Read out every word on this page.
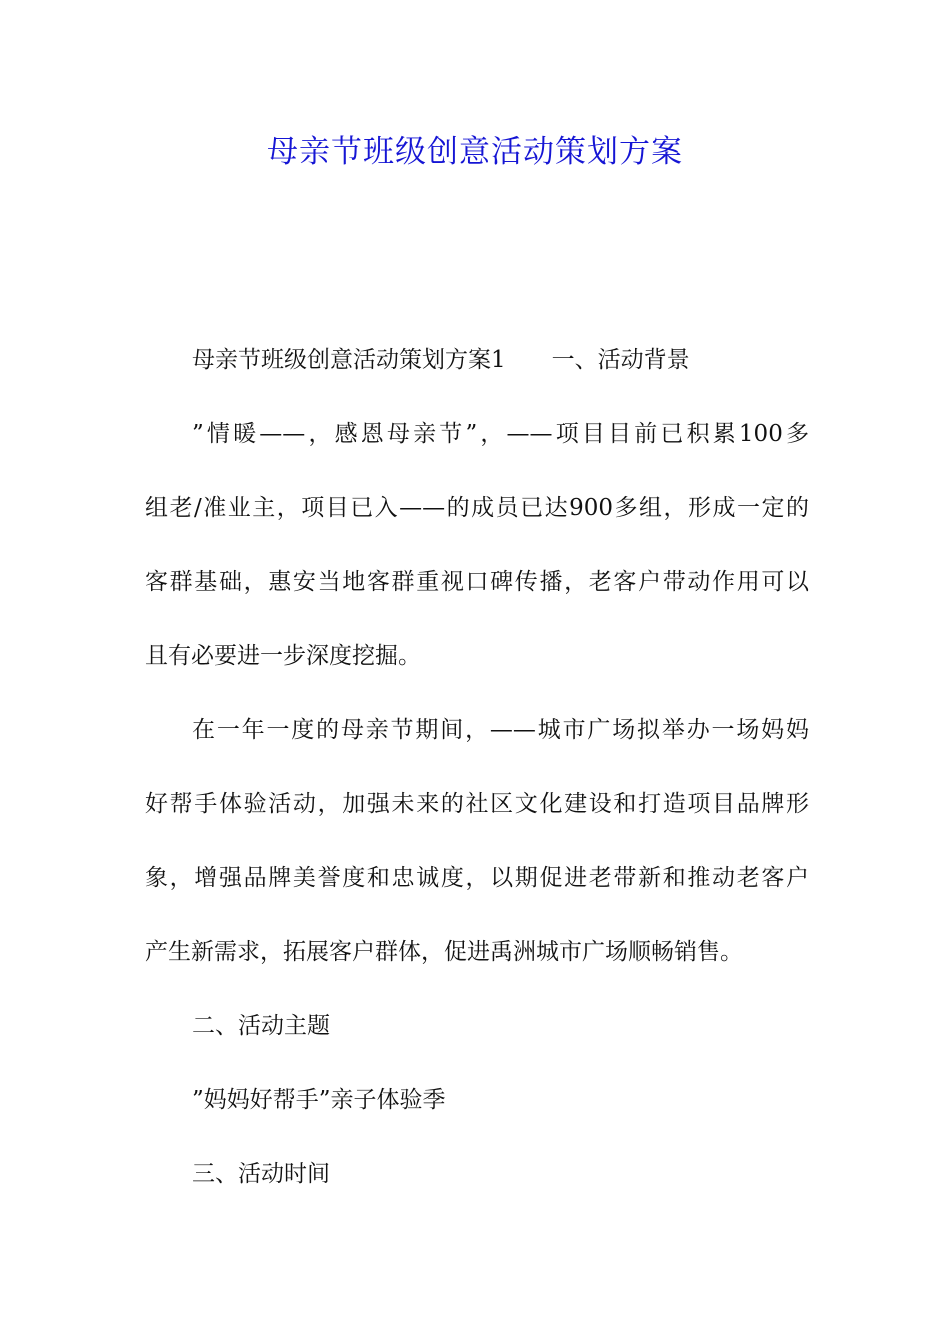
母亲节班级创意活动策划方案
母亲节班级创意活动策划方案1 一、活动背景
”情暖——，感恩母亲节”，——项目目前已积累100多
组老/准业主，项目已入——的成员已达900多组，形成一定的
客群基础，惠安当地客群重视口碑传播，老客户带动作用可以
且有必要进一步深度挖掘。
在一年一度的母亲节期间，——城市广场拟举办一场妈妈
好帮手体验活动，加强未来的社区文化建设和打造项目品牌形
象，增强品牌美誉度和忠诚度，以期促进老带新和推动老客户
产生新需求，拓展客户群体，促进禹洲城市广场顺畅销售。
二、活动主题
”妈妈好帮手”亲子体验季
三、活动时间
